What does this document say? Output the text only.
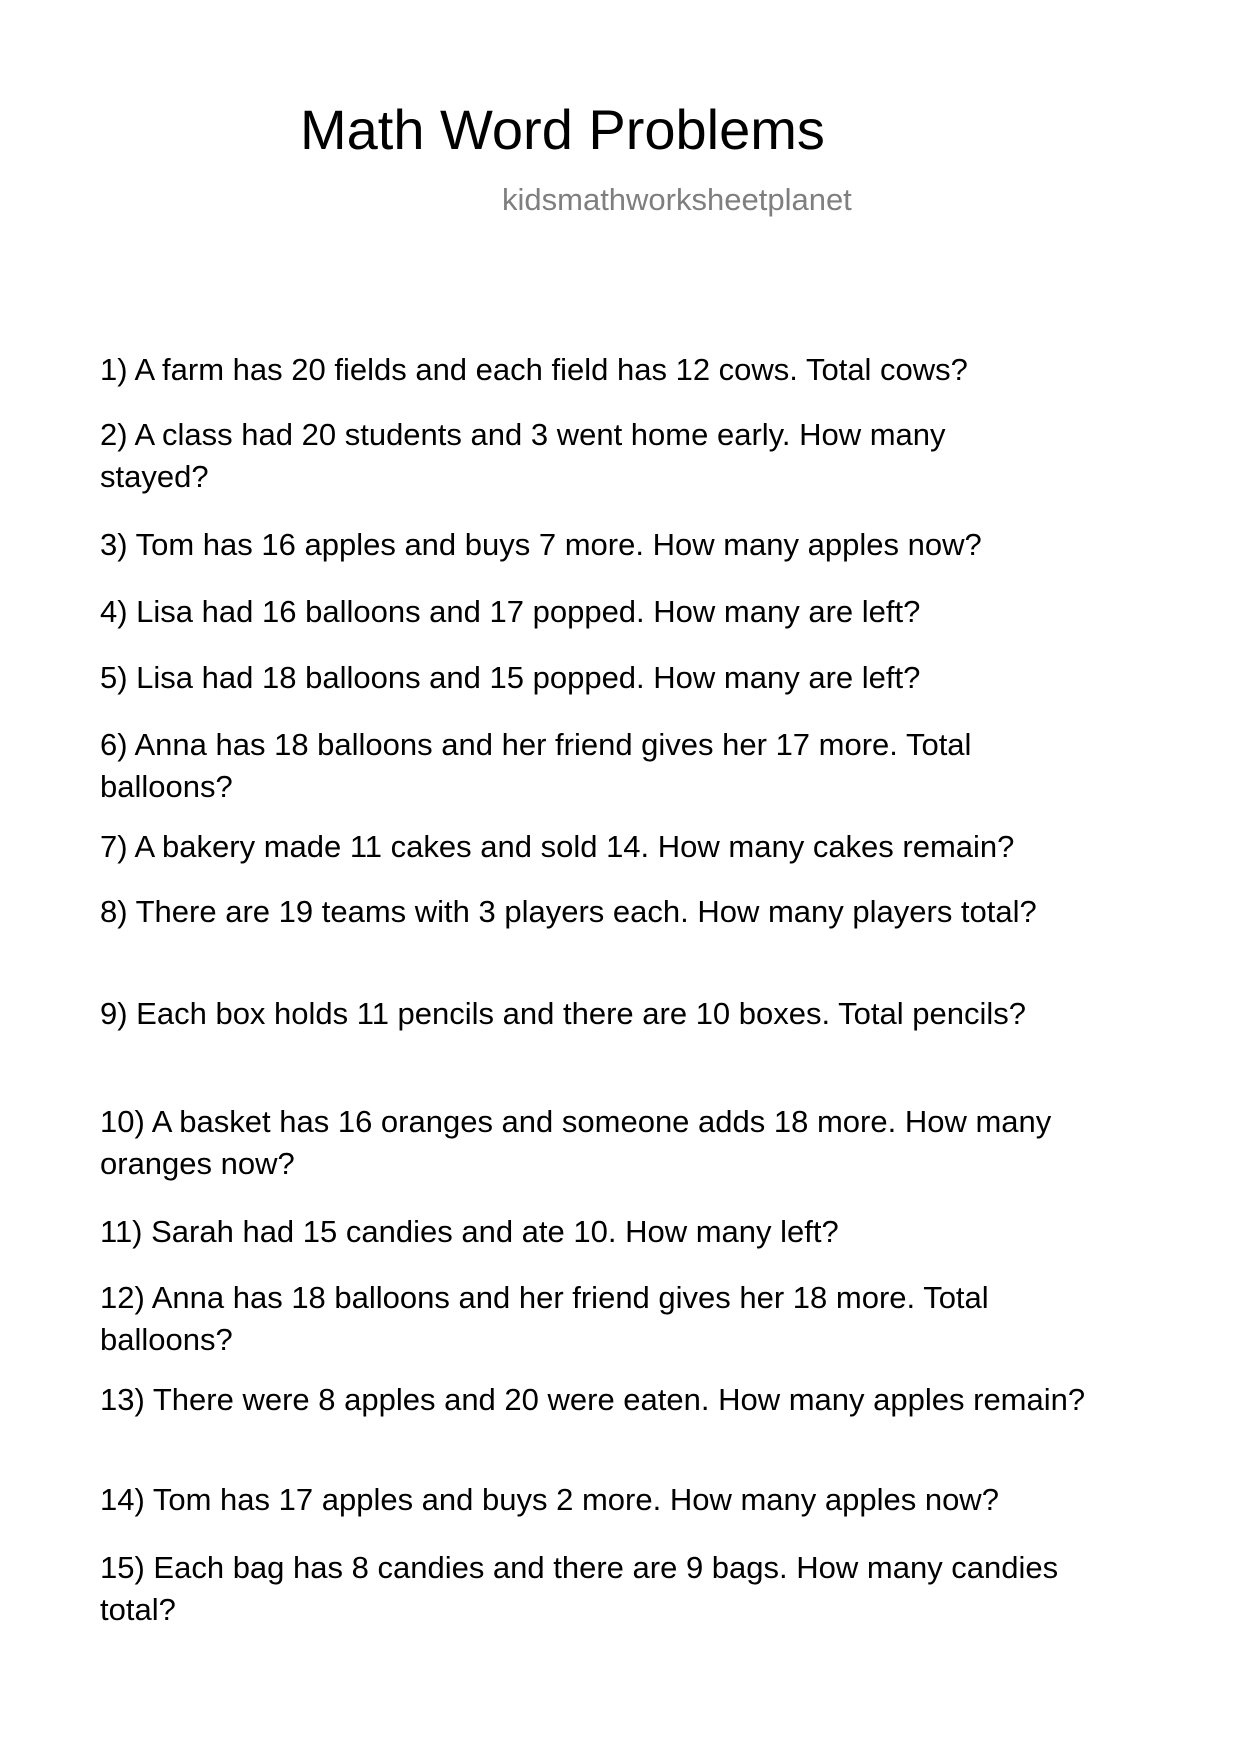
Math Word Problems
kidsmathworksheetplanet

1) A farm has 20 fields and each field has 12 cows. Total cows?

2) A class had 20 students and 3 went home early. How many stayed?

3) Tom has 16 apples and buys 7 more. How many apples now?

4) Lisa had 16 balloons and 17 popped. How many are left?

5) Lisa had 18 balloons and 15 popped. How many are left?

6) Anna has 18 balloons and her friend gives her 17 more. Total balloons?

7) A bakery made 11 cakes and sold 14. How many cakes remain?

8) There are 19 teams with 3 players each. How many players total?

9) Each box holds 11 pencils and there are 10 boxes. Total pencils?

10) A basket has 16 oranges and someone adds 18 more. How many oranges now?

11) Sarah had 15 candies and ate 10. How many left?

12) Anna has 18 balloons and her friend gives her 18 more. Total balloons?

13) There were 8 apples and 20 were eaten. How many apples remain?

14) Tom has 17 apples and buys 2 more. How many apples now?

15) Each bag has 8 candies and there are 9 bags. How many candies total?
